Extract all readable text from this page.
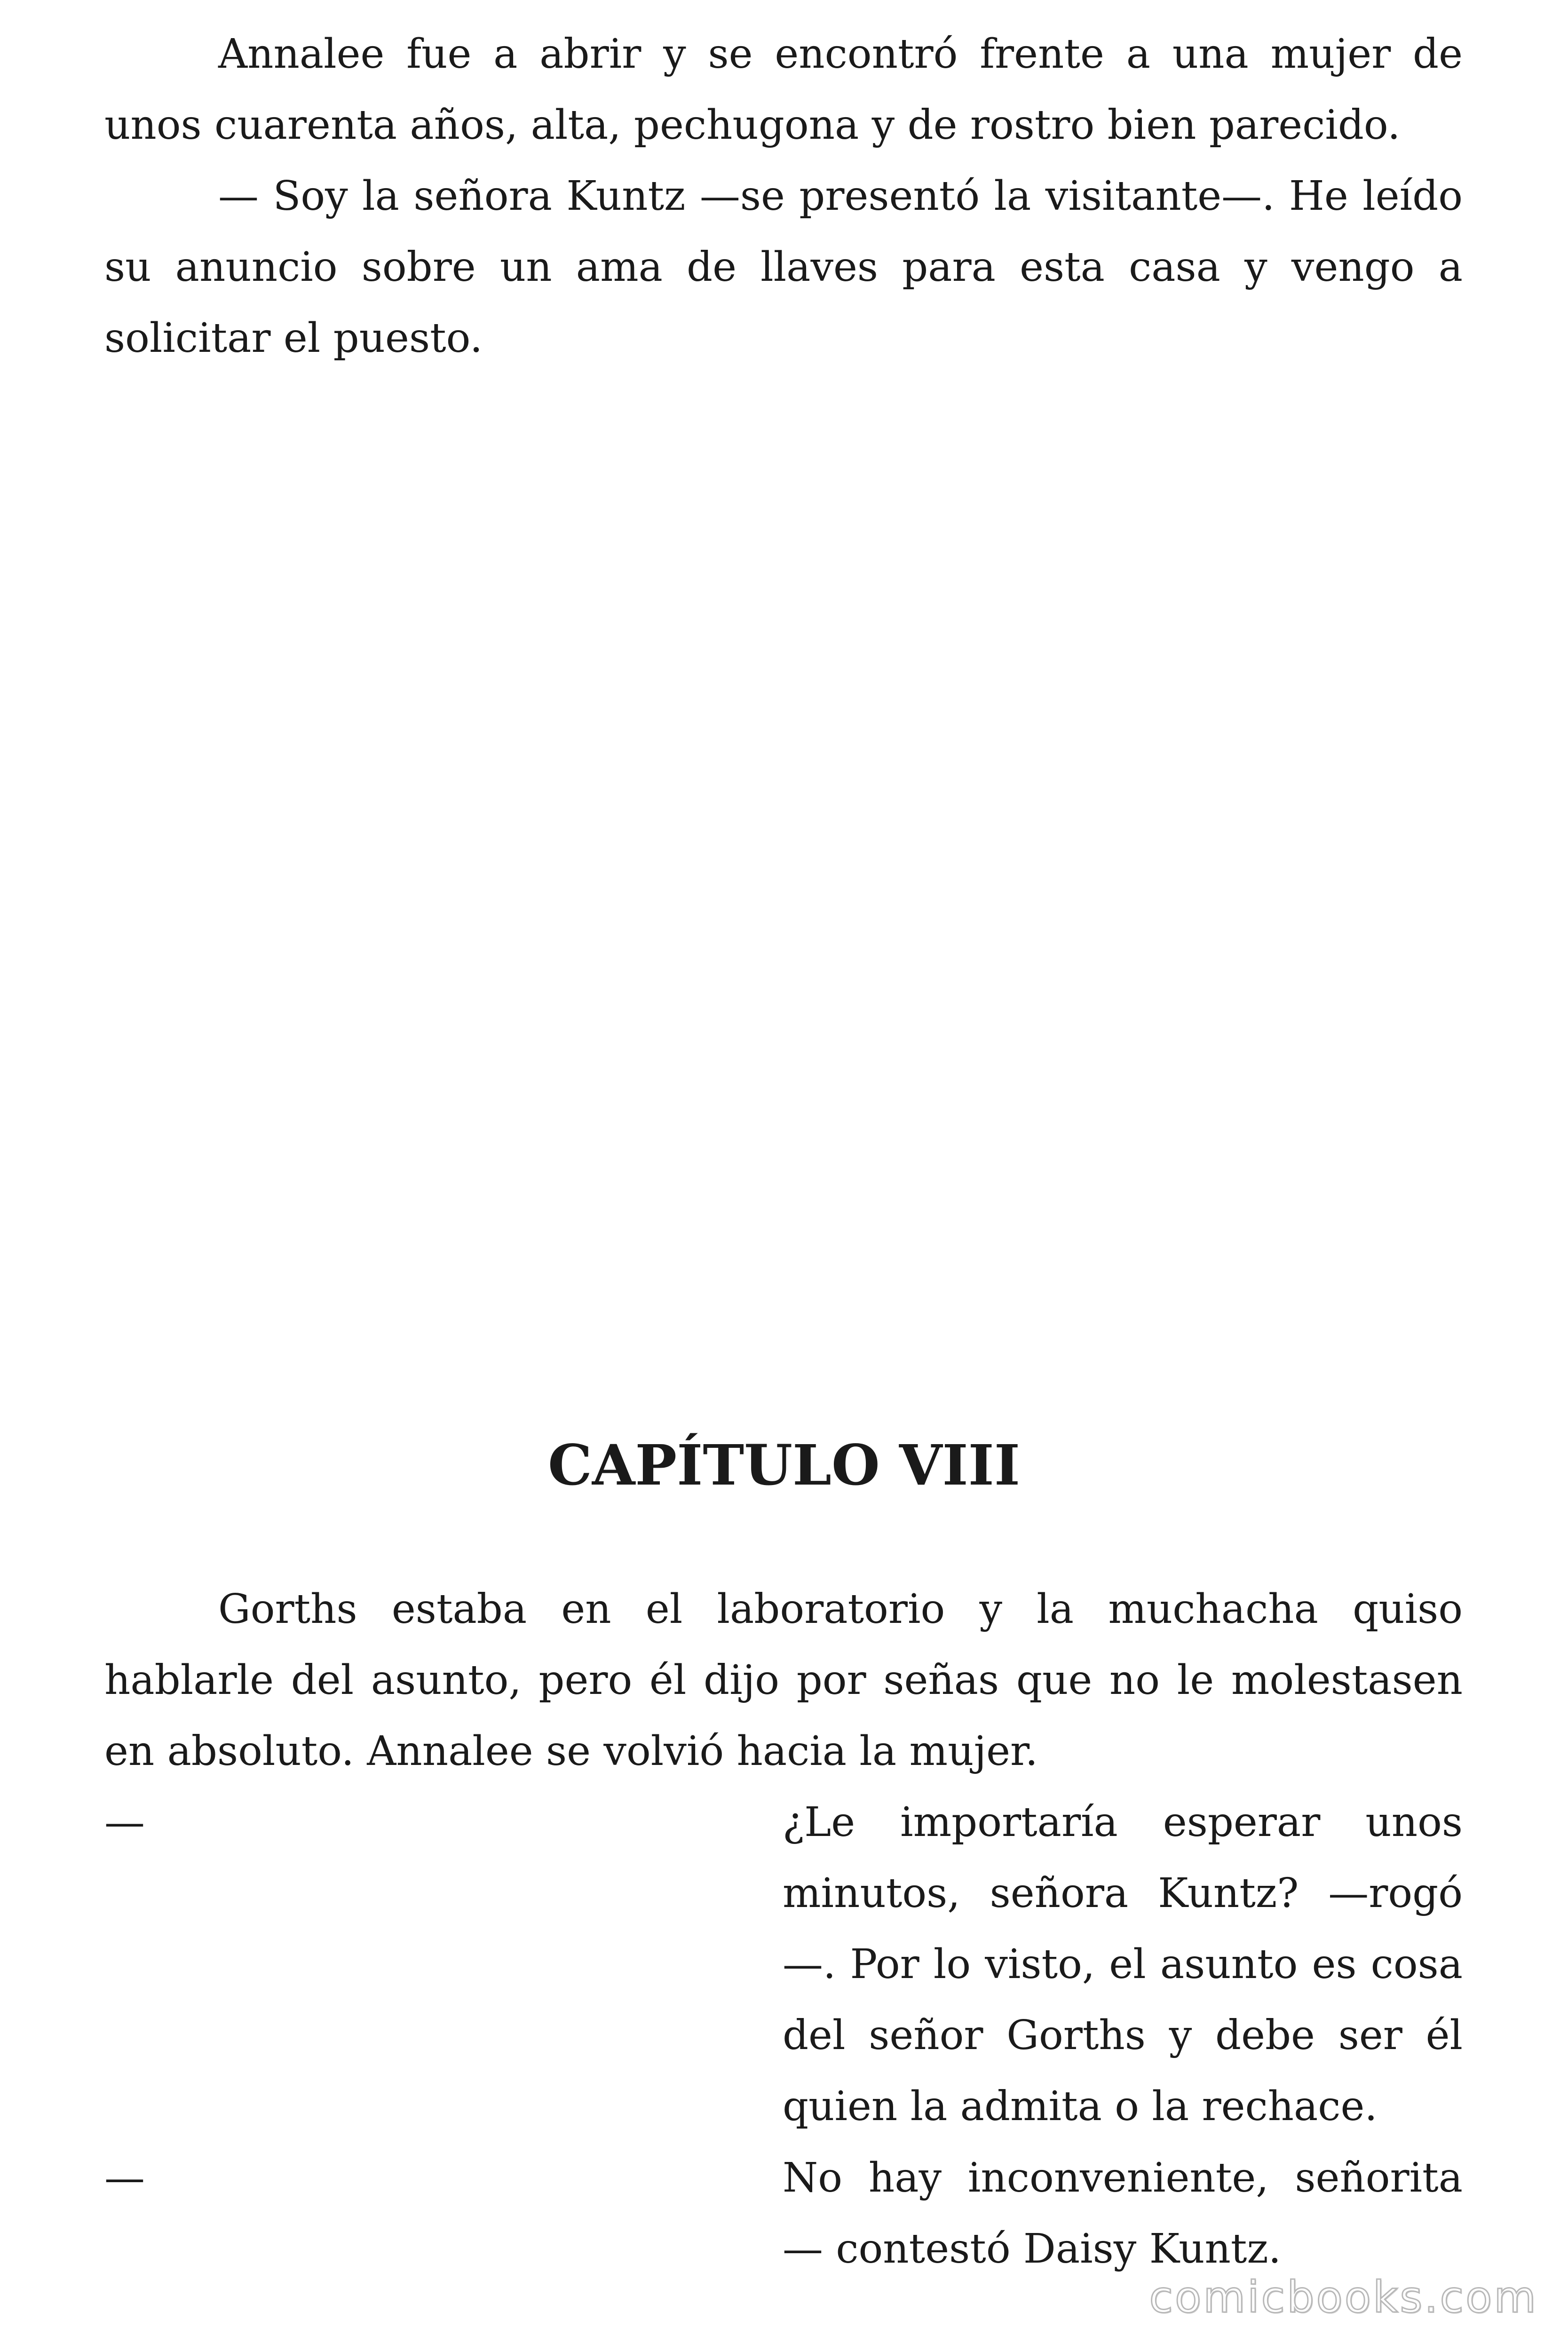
Annalee fue a abrir y se encontró frente a una mujer de unos cuarenta años, alta, pechugona y de rostro bien parecido.

— Soy la señora Kuntz —se presentó la visitante—. He leído su anuncio sobre un ama de llaves para esta casa y vengo a solicitar el puesto.

CAPÍTULO VIII

Gorths estaba en el laboratorio y la muchacha quiso hablarle del asunto, pero él dijo por señas que no le molestasen en absoluto. Annalee se volvió hacia la mujer.

—	¿Le importaría esperar unos minutos, señora Kuntz? —rogó—. Por lo visto, el asunto es cosa del señor Gorths y debe ser él quien la admita o la rechace.

—	No hay inconveniente, señorita — contestó Daisy Kuntz.

comicbooks.com
